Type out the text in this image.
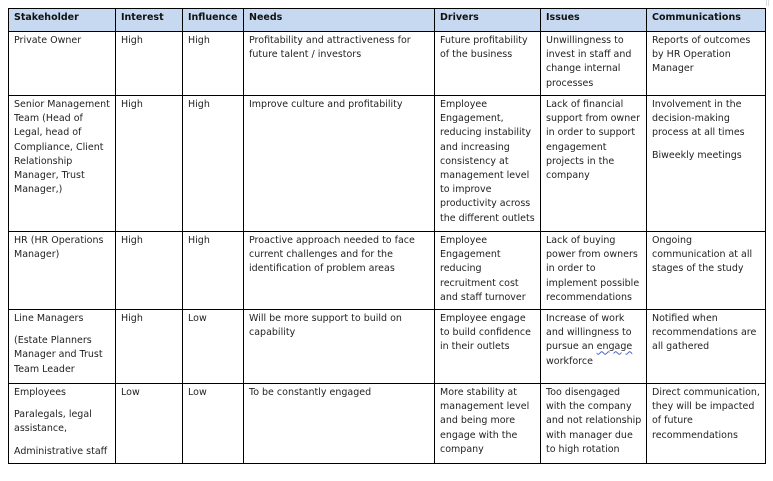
⠿
Stakeholder	Interest	Influence	Needs	Drivers	Issues	Communications
Private Owner	High	High	Profitability and attractiveness for future talent / investors	Future profitability of the business	Unwillingness to invest in staff and change internal processes	Reports of outcomes by HR Operation Manager
Senior Management Team (Head of Legal, head of Compliance, Client Relationship Manager, Trust Manager,)	High	High	Improve culture and profitability	Employee Engagement, reducing instability and increasing consistency at management level to improve productivity across the different outlets	Lack of financial support from owner in order to support engagement projects in the company	Involvement in the decision-making process at all times
Biweekly meetings

HR (HR Operations Manager)	High	High	Proactive approach needed to face current challenges and for the identification of problem areas	Employee Engagement reducing recruitment cost and staff turnover	Lack of buying power from owners in order to implement possible recommendations	Ongoing communication at all stages of the study

Line Managers
(Estate Planners Manager and Trust Team Leader	High	Low	Will be more support to build on capability	Employee engage to build confidence in their outlets	Increase of work and willingness to pursue an engage workforce	Notified when recommendations are all gathered

Employees
Paralegals, legal assistance,
Administrative staff	Low	Low	To be constantly engaged	More stability at management level and being more engage with the company	Too disengaged with the company and not relationship with manager due to high rotation	Direct communication, they will be impacted of future recommendations
